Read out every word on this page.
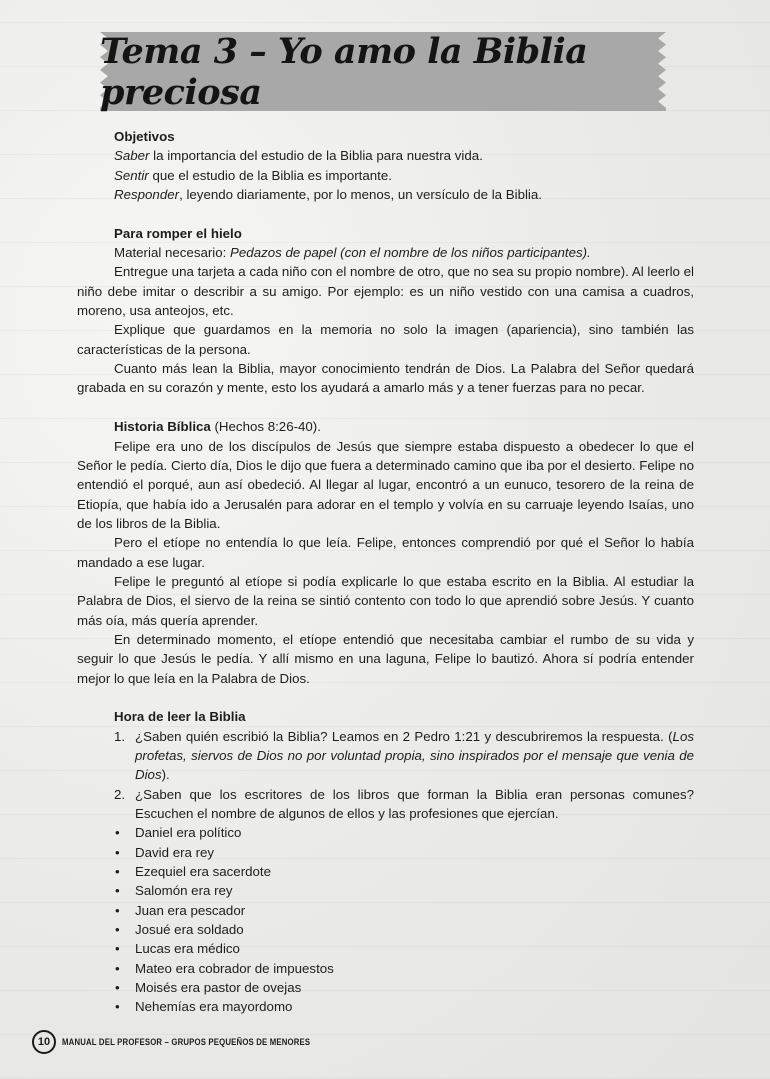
Tema 3 – Yo amo la Biblia preciosa

Objetivos

Saber la importancia del estudio de la Biblia para nuestra vida.

Sentir que el estudio de la Biblia es importante.

Responder, leyendo diariamente, por lo menos, un versículo de la Biblia.

Para romper el hielo

Material necesario: Pedazos de papel (con el nombre de los niños participantes).

Entregue una tarjeta a cada niño con el nombre de otro, que no sea su propio nombre). Al leerlo el niño debe imitar o describir a su amigo. Por ejemplo: es un niño vestido con una camisa a cuadros, moreno, usa anteojos, etc.

Explique que guardamos en la memoria no solo la imagen (apariencia), sino también las características de la persona.

Cuanto más lean la Biblia, mayor conocimiento tendrán de Dios. La Palabra del Señor quedará grabada en su corazón y mente, esto los ayudará a amarlo más y a tener fuerzas para no pecar.

Historia Bíblica (Hechos 8:26-40).

Felipe era uno de los discípulos de Jesús que siempre estaba dispuesto a obedecer lo que el Señor le pedía. Cierto día, Dios le dijo que fuera a determinado camino que iba por el desierto. Felipe no entendió el porqué, aun así obedeció. Al llegar al lugar, encontró a un eunuco, tesorero de la reina de Etiopía, que había ido a Jerusalén para adorar en el templo y volvía en su carruaje leyendo Isaías, uno de los libros de la Biblia.

Pero el etíope no entendía lo que leía. Felipe, entonces comprendió por qué el Señor lo había mandado a ese lugar.

Felipe le preguntó al etíope si podía explicarle lo que estaba escrito en la Biblia. Al estudiar la Palabra de Dios, el siervo de la reina se sintió contento con todo lo que aprendió sobre Jesús. Y cuanto más oía, más quería aprender.

En determinado momento, el etíope entendió que necesitaba cambiar el rumbo de su vida y seguir lo que Jesús le pedía. Y allí mismo en una laguna, Felipe lo bautizó. Ahora sí podría entender mejor lo que leía en la Palabra de Dios.

Hora de leer la Biblia

1. ¿Saben quién escribió la Biblia? Leamos en 2 Pedro 1:21 y descubriremos la respuesta. (Los profetas, siervos de Dios no por voluntad propia, sino inspirados por el mensaje que venia de Dios).
2. ¿Saben que los escritores de los libros que forman la Biblia eran personas comunes? Escuchen el nombre de algunos de ellos y las profesiones que ejercían.
• Daniel era político
• David era rey
• Ezequiel era sacerdote
• Salomón era rey
• Juan era pescador
• Josué era soldado
• Lucas era médico
• Mateo era cobrador de impuestos
• Moisés era pastor de ovejas
• Nehemías era mayordomo
10	MANUAL DEL PROFESOR – GRUPOS PEQUEÑOS DE MENORES
